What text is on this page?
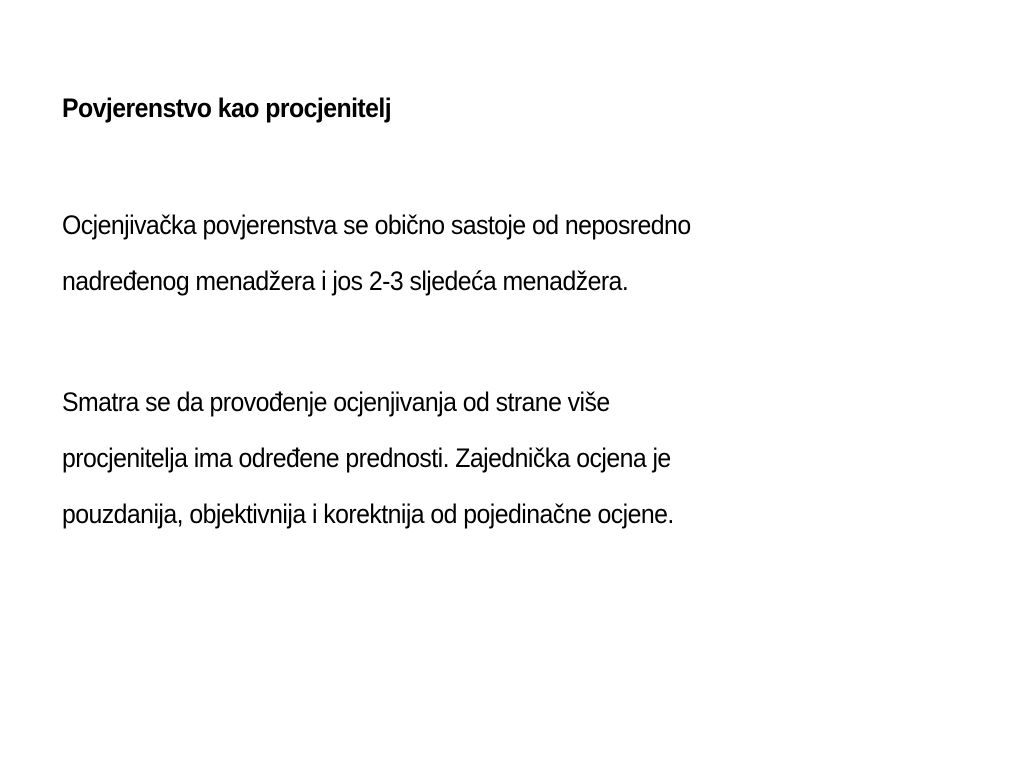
Povjerenstvo kao procjenitelj

Ocjenjivačka povjerenstva se obično sastoje od neposredno
nadređenog menadžera i jos 2-3 sljedeća menadžera.

Smatra se da provođenje ocjenjivanja od strane više
procjenitelja ima određene prednosti. Zajednička ocjena je
pouzdanija, objektivnija i korektnija od pojedinačne ocjene.
